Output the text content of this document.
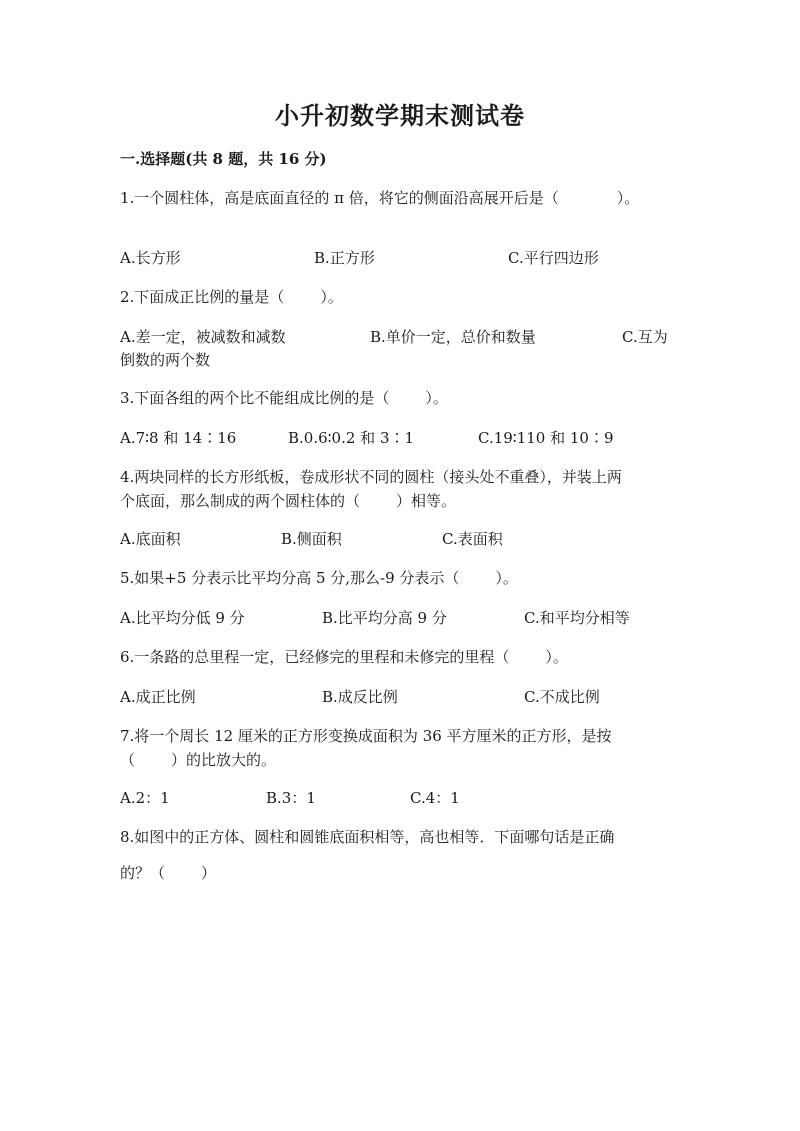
小升初数学期末测试卷
一.选择题(共 8 题，共 16 分)
1.一个圆柱体，高是底面直径的 π 倍，将它的侧面沿高展开后是（	）。
A.长方形	B.正方形	C.平行四边形
2.下面成正比例的量是（ ）。
A.差一定，被减数和减数	B.单价一定，总价和数量	C.互为
倒数的两个数
3.下面各组的两个比不能组成比例的是（ ）。
A.7∶8 和 14∶16	B.0.6∶0.2 和 3∶1	C.19∶110 和 10∶9
4.两块同样的长方形纸板，卷成形状不同的圆柱（接头处不重叠），并装上两
个底面，那么制成的两个圆柱体的（ ）相等。
A.底面积	B.侧面积	C.表面积
5.如果+5 分表示比平均分高 5 分,那么-9 分表示（ ）。
A.比平均分低 9 分	B.比平均分高 9 分	C.和平均分相等
6.一条路的总里程一定，已经修完的里程和未修完的里程（ ）。
A.成正比例	B.成反比例	C.不成比例
7.将一个周长 12 厘米的正方形变换成面积为 36 平方厘米的正方形，是按
（ ）的比放大的。
A.2：1	B.3：1	C.4：1
8.如图中的正方体、圆柱和圆锥底面积相等，高也相等．下面哪句话是正确
的？（ ）
